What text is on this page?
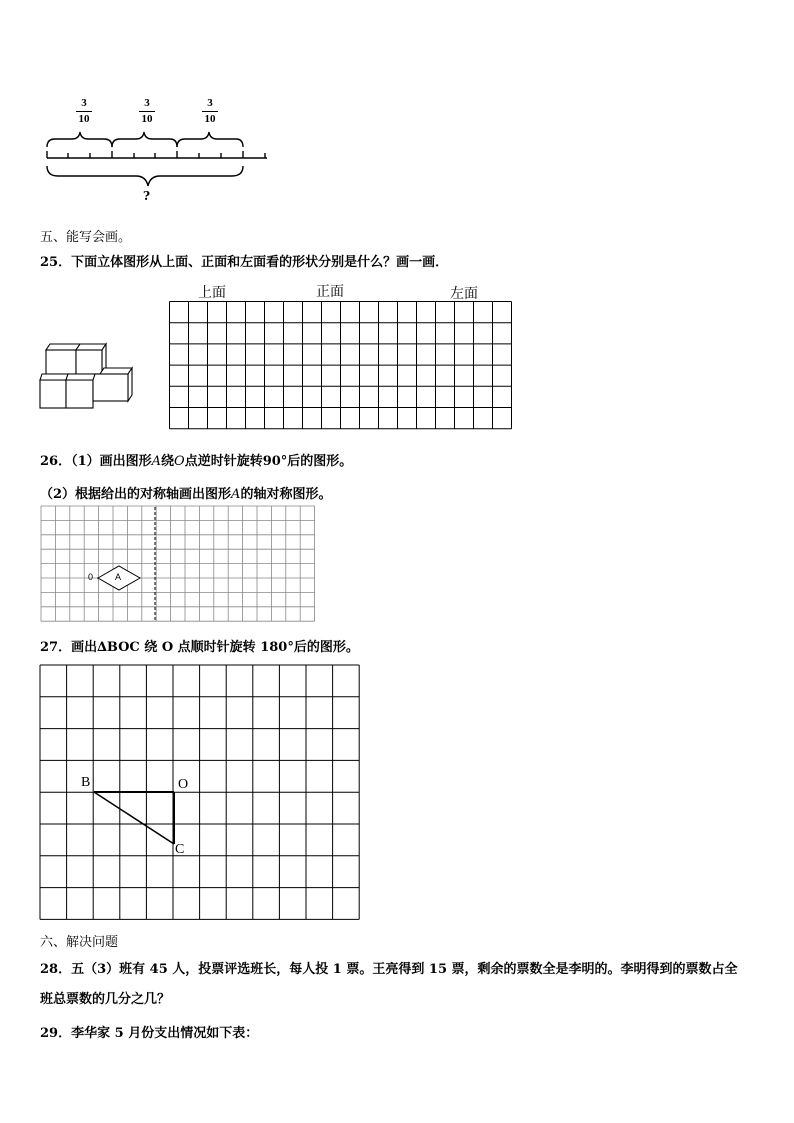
3
10
3
10
3
10
?
五、能写会画。
25．下面立体图形从上面、正面和左面看的形状分别是什么？画一画．
上面	正面	左面
26．（1）画出图形A绕O点逆时针旋转90°后的图形。
（2）根据给出的对称轴画出图形A的轴对称图形。
0 A
27．画出∆BOC 绕 O 点顺时针旋转 180°后的图形。
B	O
C
六、解决问题
28．五（3）班有 45 人，投票评选班长，每人投 1 票。王亮得到 15 票，剩余的票数全是李明的。李明得到的票数占全
班总票数的几分之几？
29．李华家 5 月份支出情况如下表：
